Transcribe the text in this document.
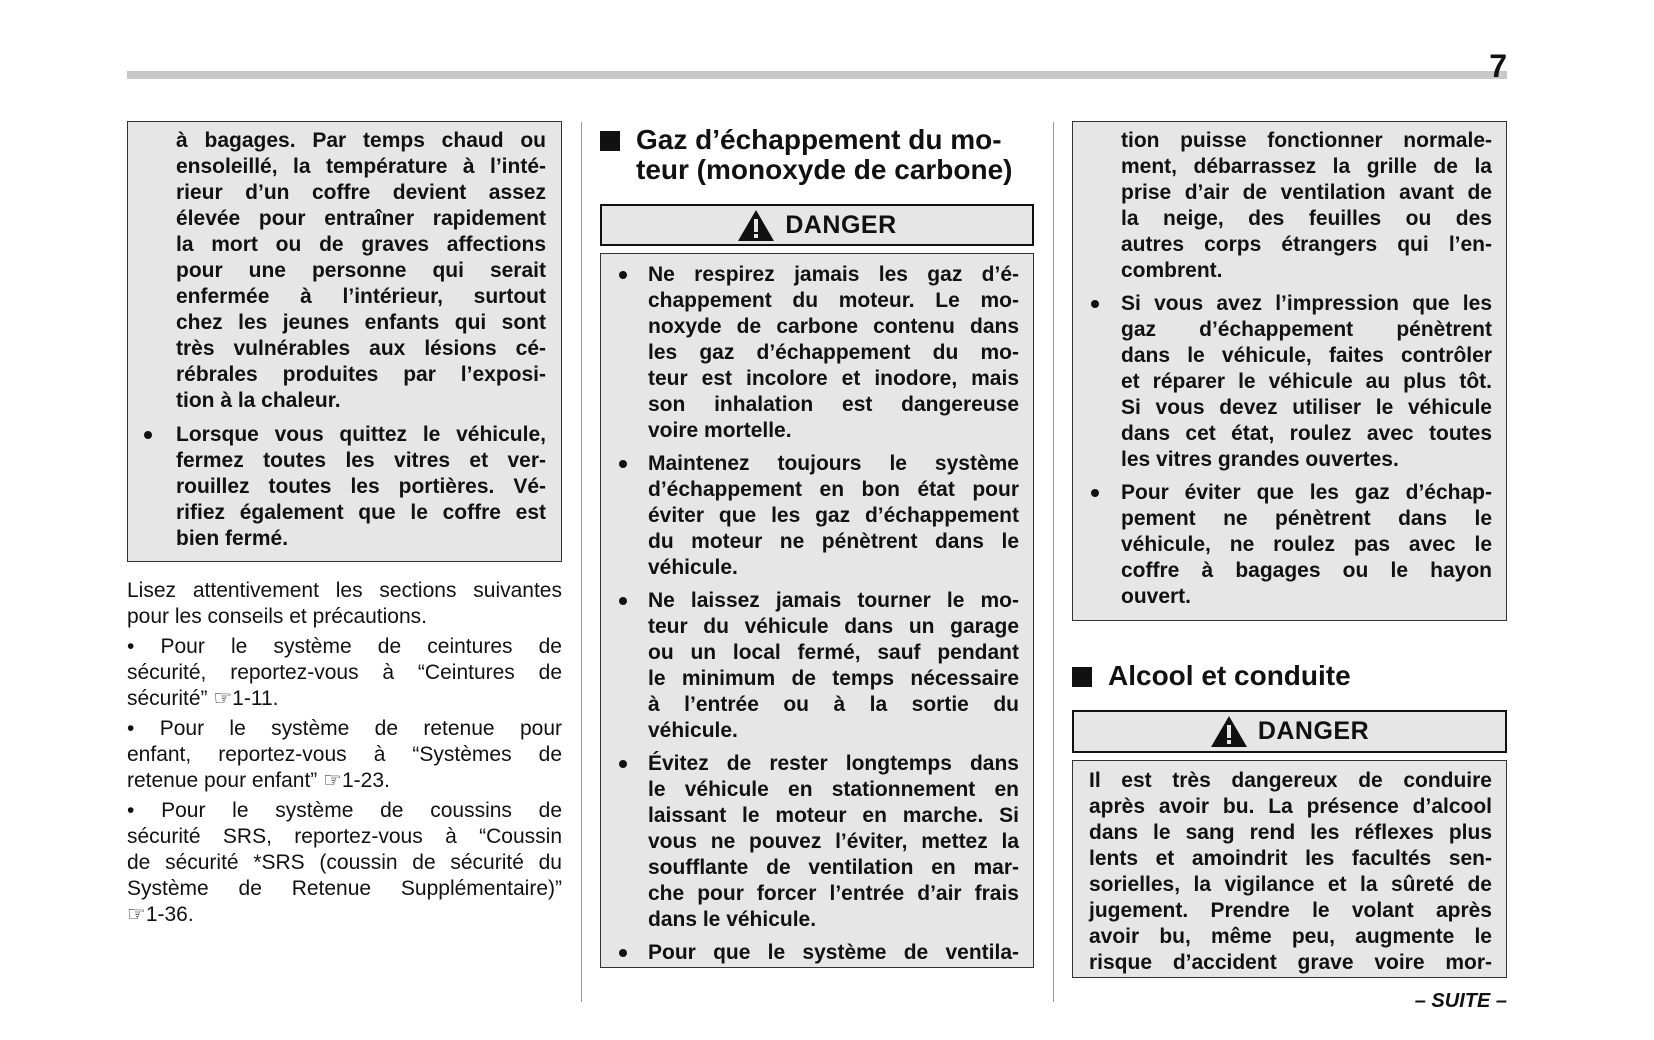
7
à bagages. Par temps chaud ou
ensoleillé, la température à l’inté-
rieur d’un coffre devient assez
élevée pour entraîner rapidement
la mort ou de graves affections
pour une personne qui serait
enfermée à l’intérieur, surtout
chez les jeunes enfants qui sont
très vulnérables aux lésions cé-
rébrales produites par l’exposi-
tion à la chaleur.
Lorsque vous quittez le véhicule,
fermez toutes les vitres et ver-
rouillez toutes les portières. Vé-
rifiez également que le coffre est
bien fermé.
Lisez attentivement les sections suivantes
pour les conseils et précautions.
• Pour le système de ceintures de
sécurité, reportez-vous à “Ceintures de
sécurité” ☞1-11.
• Pour le système de retenue pour
enfant, reportez-vous à “Systèmes de
retenue pour enfant” ☞1-23.
• Pour le système de coussins de
sécurité SRS, reportez-vous à “Coussin
de sécurité *SRS (coussin de sécurité du
Système de Retenue Supplémentaire)”
☞1-36.
Gaz d’échappement du mo-
teur (monoxyde de carbone)
DANGER
Ne respirez jamais les gaz d’é-
chappement du moteur. Le mo-
noxyde de carbone contenu dans
les gaz d’échappement du mo-
teur est incolore et inodore, mais
son inhalation est dangereuse
voire mortelle.
Maintenez toujours le système
d’échappement en bon état pour
éviter que les gaz d’échappement
du moteur ne pénètrent dans le
véhicule.
Ne laissez jamais tourner le mo-
teur du véhicule dans un garage
ou un local fermé, sauf pendant
le minimum de temps nécessaire
à l’entrée ou à la sortie du
véhicule.
Évitez de rester longtemps dans
le véhicule en stationnement en
laissant le moteur en marche. Si
vous ne pouvez l’éviter, mettez la
soufflante de ventilation en mar-
che pour forcer l’entrée d’air frais
dans le véhicule.
Pour que le système de ventila-
tion puisse fonctionner normale-
ment, débarrassez la grille de la
prise d’air de ventilation avant de
la neige, des feuilles ou des
autres corps étrangers qui l’en-
combrent.
Si vous avez l’impression que les
gaz d’échappement pénètrent
dans le véhicule, faites contrôler
et réparer le véhicule au plus tôt.
Si vous devez utiliser le véhicule
dans cet état, roulez avec toutes
les vitres grandes ouvertes.
Pour éviter que les gaz d’échap-
pement ne pénètrent dans le
véhicule, ne roulez pas avec le
coffre à bagages ou le hayon
ouvert.
Alcool et conduite
DANGER
Il est très dangereux de conduire
après avoir bu. La présence d’alcool
dans le sang rend les réflexes plus
lents et amoindrit les facultés sen-
sorielles, la vigilance et la sûreté de
jugement. Prendre le volant après
avoir bu, même peu, augmente le
risque d’accident grave voire mor-
– SUITE –
